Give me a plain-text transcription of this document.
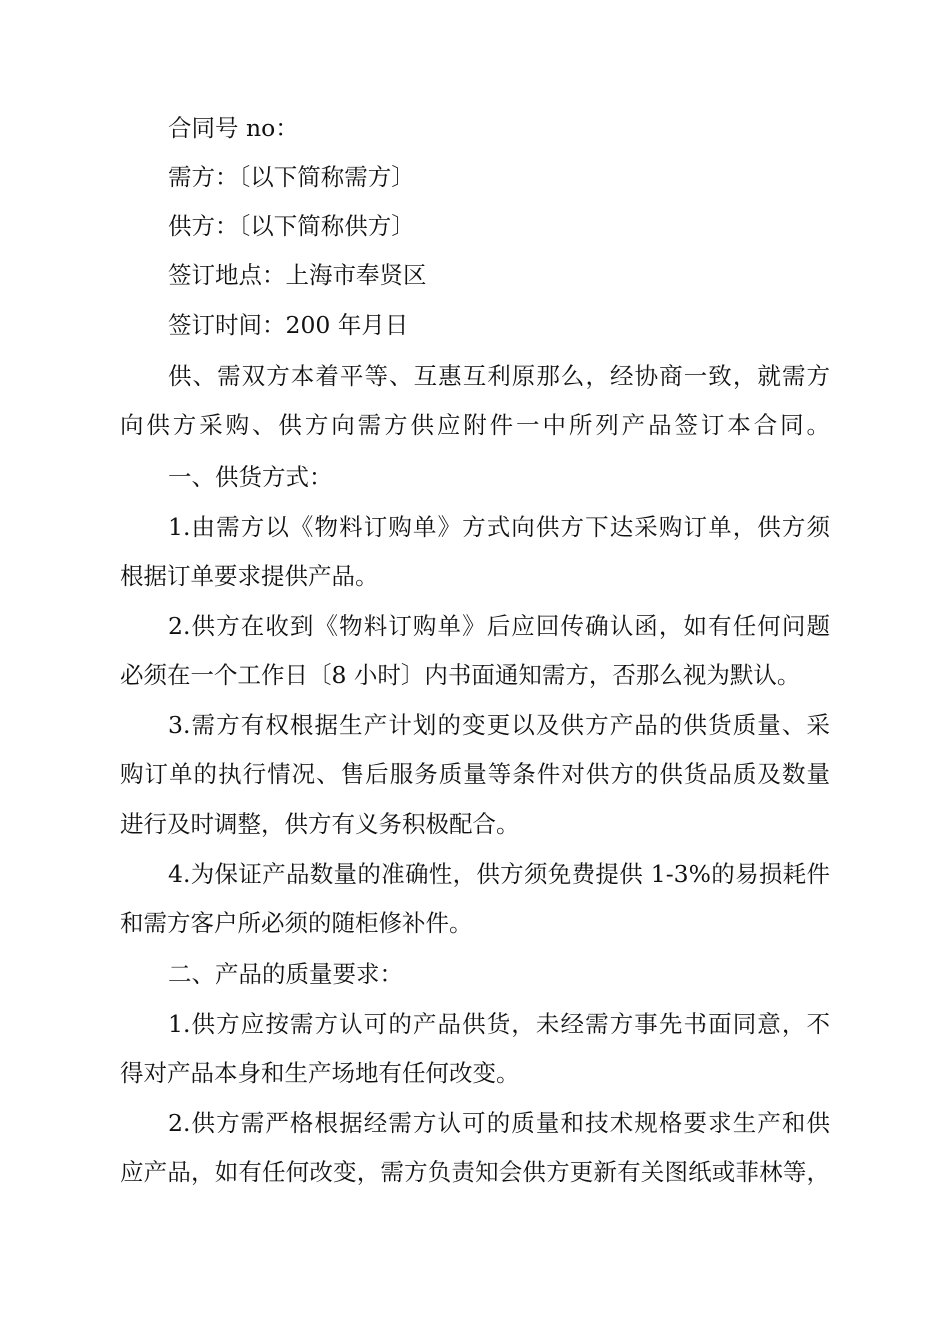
合同号 no：
需方：〔以下简称需方〕
供方：〔以下简称供方〕
签订地点：上海市奉贤区
签订时间：200 年月日
供、需双方本着平等、互惠互利原那么，经协商一致，就需方
向供方采购、供方向需方供应附件一中所列产品签订本合同。
一、供货方式：
1.由需方以《物料订购单》方式向供方下达采购订单，供方须
根据订单要求提供产品。
2.供方在收到《物料订购单》后应回传确认函，如有任何问题
必须在一个工作日〔8 小时〕内书面通知需方，否那么视为默认。
3.需方有权根据生产计划的变更以及供方产品的供货质量、采
购订单的执行情况、售后服务质量等条件对供方的供货品质及数量
进行及时调整，供方有义务积极配合。
4.为保证产品数量的准确性，供方须免费提供 1-3%的易损耗件
和需方客户所必须的随柜修补件。
二、产品的质量要求：
1.供方应按需方认可的产品供货，未经需方事先书面同意，不
得对产品本身和生产场地有任何改变。
2.供方需严格根据经需方认可的质量和技术规格要求生产和供
应产品，如有任何改变，需方负责知会供方更新有关图纸或菲林等，
